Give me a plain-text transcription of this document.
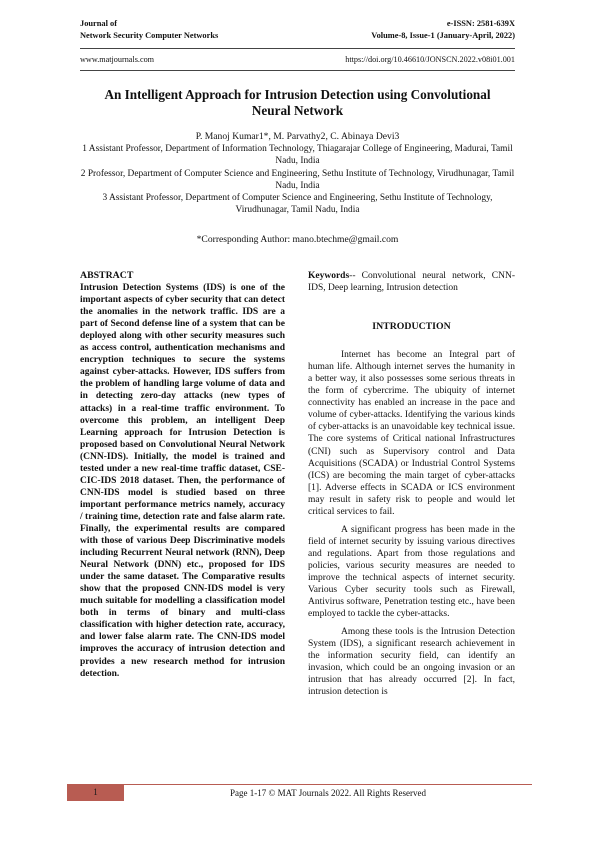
Journal of	e-ISSN: 2581-639X
Network Security Computer Networks	Volume-8, Issue-1 (January-April, 2022)
www.matjournals.com	https://doi.org/10.46610/JONSCN.2022.v08i01.001
An Intelligent Approach for Intrusion Detection using Convolutional
Neural Network
P. Manoj Kumar1*, M. Parvathy2, C. Abinaya Devi3

1 Assistant Professor, Department of Information Technology, Thiagarajar College of Engineering, Madurai, Tamil Nadu, India

2 Professor, Department of Computer Science and Engineering, Sethu Institute of Technology, Virudhunagar, Tamil Nadu, India

3 Assistant Professor, Department of Computer Science and Engineering, Sethu Institute of Technology, Virudhunagar, Tamil Nadu, India

*Corresponding Author: mano.btechme@gmail.com

ABSTRACT

Intrusion Detection Systems (IDS) is one of the important aspects of cyber security that can detect the anomalies in the network traffic. IDS are a part of Second defense line of a system that can be deployed along with other security measures such as access control, authentication mechanisms and encryption techniques to secure the systems against cyber-attacks. However, IDS suffers from the problem of handling large volume of data and in detecting zero-day attacks (new types of attacks) in a real-time traffic environment. To overcome this problem, an intelligent Deep Learning approach for Intrusion Detection is proposed based on Convolutional Neural Network (CNN-IDS). Initially, the model is trained and tested under a new real-time traffic dataset, CSE-CIC-IDS 2018 dataset. Then, the performance of CNN-IDS model is studied based on three important performance metrics namely, accuracy / training time, detection rate and false alarm rate. Finally, the experimental results are compared with those of various Deep Discriminative models including Recurrent Neural network (RNN), Deep Neural Network (DNN) etc., proposed for IDS under the same dataset. The Comparative results show that the proposed CNN-IDS model is very much suitable for modelling a classification model both in terms of binary and multi-class classification with higher detection rate, accuracy, and lower false alarm rate. The CNN-IDS model improves the accuracy of intrusion detection and provides a new research method for intrusion detection.

Keywords-- Convolutional neural network, CNN-IDS, Deep learning, Intrusion detection

INTRODUCTION

Internet has become an Integral part of human life. Although internet serves the humanity in a better way, it also possesses some serious threats in the form of cybercrime. The ubiquity of internet connectivity has enabled an increase in the pace and volume of cyber-attacks. Identifying the various kinds of cyber-attacks is an unavoidable key technical issue. The core systems of Critical national Infrastructures (CNI) such as Supervisory control and Data Acquisitions (SCADA) or Industrial Control Systems (ICS) are becoming the main target of cyber-attacks [1]. Adverse effects in SCADA or ICS environment may result in safety risk to people and would let critical services to fail.

A significant progress has been made in the field of internet security by issuing various directives and regulations. Apart from those regulations and policies, various security measures are needed to improve the technical aspects of internet security. Various Cyber security tools such as Firewall, Antivirus software, Penetration testing etc., have been employed to tackle the cyber-attacks.

Among these tools is the Intrusion Detection System (IDS), a significant research achievement in the information security field, can identify an invasion, which could be an ongoing invasion or an intrusion that has already occurred [2]. In fact, intrusion detection is

1	Page 1-17 © MAT Journals 2022. All Rights Reserved
